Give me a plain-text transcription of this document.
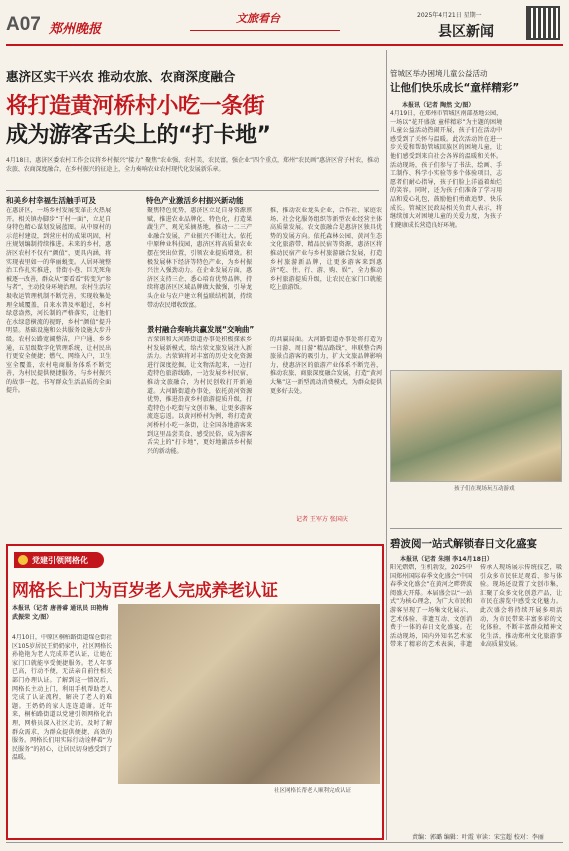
A07 郑州晚报
文旅看台	2025年4月21日 星期一
县区新闻
惠济区实干兴农 推动农旅、农商深度融合
将打造黄河桥村小吃一条街
成为游客舌尖上的“打卡地”
4月18日，惠济区委农村工作会议将乡村振兴“接力” 聚焦“农业强，农村美，农民富，强企业”四个重点，郑州“农民画”惠济区营子村农，推动农旅、农商深度融合，在乡村振兴的征途上，全力奏响农业农村现代化发展新乐章。
和美乡村幸福生活触手可及
在惠济区，一场乡村发展变革正火热展开。相关镇办脚步“干村一面”，立足自身特色精心谋划发展蓝图。从中原村的示范村建设，到营庄村的成果巩固，村庄规划编制持续推进。未来的乡村，惠济区农村不仅有“颜值”，更具内涵，将实现表里如一的华丽蜕变。人居环境整治工作扎实推进，背街小巷、巨无死角被逐一改善，群众从“要看看”转变为“参与者”，主动投身环境治理。农村生活垃圾收运管理机制不断完善，实现收集处理全域覆盖，自来水普及率超过，乡村绿意盎然，河长制的严格落实，让他们在水绿意横流的视野，乡村“颜值”提升明显。基础设施和公共服务设施大步升级。农村公路宽阔整洁，户户通、乡乡通，五星级数字化管理系统，让村民出行更安全便捷；燃气、网络入户，卫生室全覆盖，农村电商服务体系不断完善，为村民提供便捷服务，与乡村振兴的故事一起，书写群众生活品质的全面提升。
特色产业激活乡村振兴新动能
聚焦特色优势，惠济区立足自身资源禀赋，推进农业品牌化、特色化，打造果蔬生产、观光采摘基地，推动一二三产业融合发展，产业振兴不断壮大。依托中原种业科技园，惠济区将高质量农业摆在突出位置，引领农业提质增效。积极发展林下经济等特色产业，为乡村振兴注入强劲动力。在企业发展方面，惠济区支持三企、悉心培育优势品牌，持续将惠济区区域品牌做大做强，引导龙头企业与农户建立利益联结机制，持续带动农民增收致富。
推，推动农业龙头企业，合作社、家庭农场、社会化服务组织等新型农业经营主体高质量发展。农文旅融合是惠济区独具优势的发展方向。依托森林公园、黄河生态文化旅游带、精品民宿等资源，惠济区将推动民宿产业与乡村旅游融合发展，打造乡村旅游新品牌，让更多游客来到惠济“吃、住、行、游、购、娱”，全力推动乡村旅游提质升级，让农民在家门口就能吃上旅游饭。
景村融合奏响共赢发展“交响曲”
古荥镇和大河路街道办事处积极探索乡村发展新模式，给古荥文旅发展注入新活力。古荥镇将对丰富的历史文化资源进行深度挖掘，让文物活起来，一边打造特色旅游线路，一边发展乡村民宿，推动文旅融合，为村民创收打开新通道。大河路街道办事处，依托黄河资源优势，推进沿黄乡村旅游提质升级，打造特色小吃街与文创市集，让更多游客流连忘返。以黄河桥村为例，将打造黄河桥村小吃一条街，让全国各地游客来到这里品尝美食、感受民俗，成为游客舌尖上的“打卡地”，更好地激活乡村振兴的新动能。
的共赢局面。大河路街道办事处将打造为一日游、周日游“精品路线”，串联整合两旅景点游客的吸引力，扩大文旅品牌影响力，使惠济区的旅游产业体系不断完善，推动农旅、商旅深度融合发展，打造“黄河大集”这一新型流动消费模式，为群众提供更多好去处。
记者 王军方 张国庆
管城区举办困境儿童公益活动
让他们快乐成长“童样精彩”
本报讯（记者 陶然 文/图）
4月19日，在郑州市管城区南部基地公园，一场以“花开盛放 童样精彩”为主题的困境儿童公益活动热闹开展，孩子们在活动中感受到了关怀与温暖。此次活动旨在进一步关爱和帮助管城回族区的困境儿童，让他们感受到来自社会各界的温暖和关怀。活动现场，孩子们参与了书法、绘画、手工制作、科学小实验等多个体验项目，志愿者们耐心指导，孩子们脸上洋溢着灿烂的笑容。同时，还为孩子们准备了学习用品和爱心礼包，鼓励他们勇敢追梦、快乐成长。管城区民政局相关负责人表示，将继续加大对困境儿童的关爱力度，为孩子们健康成长营造良好环境。
孩子们在现场玩互动游戏
碧波阅一站式解锁春日文化盛宴
本报讯（记者 朱刚 李14月18日）
阳光熠熠，生机勃发，2025中国郑州国际春季文化盛会“中国春季文化盛会”在黄河之畔碧波阅盛大开幕。本届盛会以“一站式”为核心理念，为广大市民和游客呈现了一场集文化展示、艺术体验、非遗互动、文创消费于一体的春日文化盛宴。在活动现场，国内外知名艺术家带来了精彩的艺术表演，非遗传承人现场展示传统技艺，吸引众多市民驻足观看、参与体验。现场还设置了文创市集，汇聚了众多文化创意产品，让市民在游览中感受文化魅力。此次盛会将持续开展多项活动，为市民带来丰富多彩的文化体验，不断丰富群众精神文化生活，推动郑州文化旅游事业高质量发展。
党建引领网格化
网格长上门为百岁老人完成养老认证
本报讯（记者 唐善睿 通讯员 田艳梅 武振荣 文/图）
4月10日，中原区桐柏路街道煤仓街社区105岁居民王奶奶家中，社区网格长孙艳艳为老人完成养老认证，让她在家门口就能享受便捷服务。老人年事已高，行动不便，无法亲自前往相关部门办理认证。了解到这一情况后，网格长主动上门，利用手机帮助老人完成了认证流程，解决了老人的难题。王奶奶的家人连连道谢。近年来，桐柏路街道以党建引领网格化治理，网格员深入社区走访，及时了解群众需求，为群众提供便捷、高效的服务。网格长们用实际行动诠释着“为民服务”的初心，让居民切身感受到了温暖。
社区网格长帮老人顺利完成认证
责编：郭璐 编辑：叶霞 审读：宋宝超 校对：李丽
